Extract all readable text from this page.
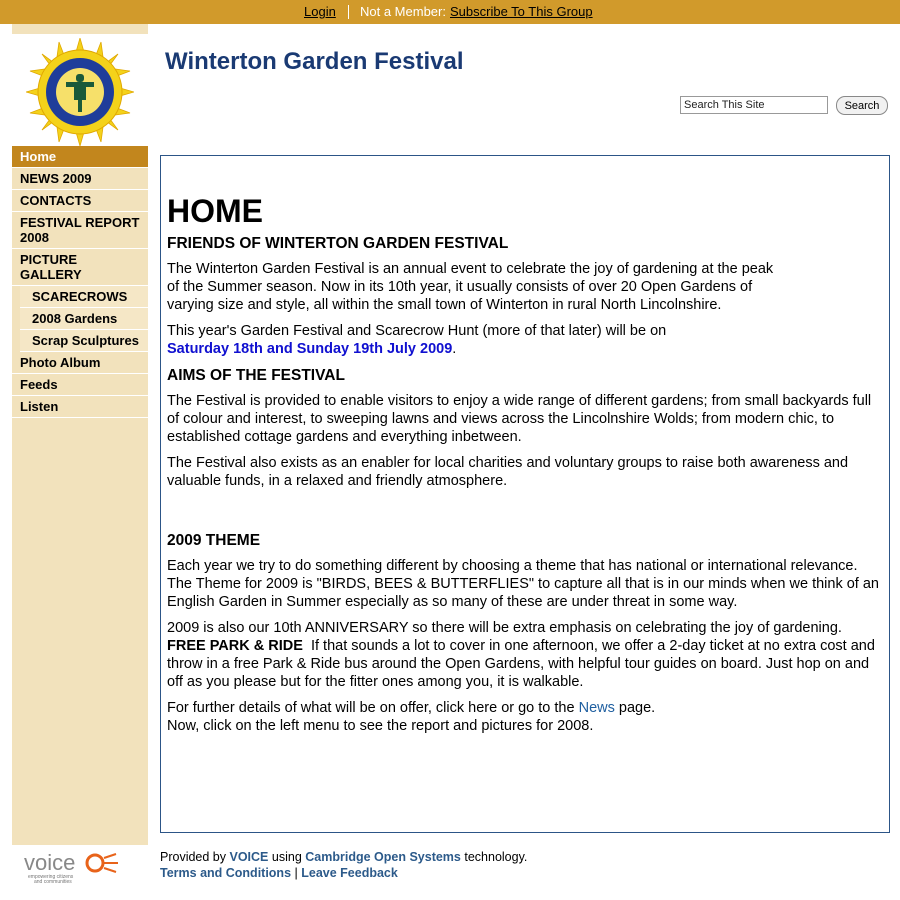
Login Not a Member: Subscribe To This Group
Home
NEWS 2009
CONTACTS
FESTIVAL REPORT 2008
PICTURE GALLERY
SCARECROWS
2008 Gardens
Scrap Sculptures
Photo Album
Feeds
Listen
Winterton Garden Festival
Search This Site
Search
HOME
FRIENDS OF WINTERTON GARDEN FESTIVAL

The Winterton Garden Festival is an annual event to celebrate the joy of gardening at the peak of the Summer season. Now in its 10th year, it usually consists of over 20 Open Gardens of varying size and style, all within the small town of Winterton in rural North Lincolnshire.

This year's Garden Festival and Scarecrow Hunt (more of that later) will be on
Saturday 18th and Sunday 19th July 2009.

AIMS OF THE FESTIVAL

The Festival is provided to enable visitors to enjoy a wide range of different gardens; from small backyards full of colour and interest, to sweeping lawns and views across the Lincolnshire Wolds; from modern chic, to established cottage gardens and everything inbetween.

The Festival also exists as an enabler for local charities and voluntary groups to raise both awareness and valuable funds, in a relaxed and friendly atmosphere.

2009 THEME

Each year we try to do something different by choosing a theme that has national or international relevance. The Theme for 2009 is "BIRDS, BEES & BUTTERFLIES" to capture all that is in our minds when we think of an English Garden in Summer especially as so many of these are under threat in some way.

2009 is also our 10th ANNIVERSARY so there will be extra emphasis on celebrating the joy of gardening.

FREE PARK & RIDE If that sounds a lot to cover in one afternoon, we offer a 2-day ticket at no extra cost and throw in a free Park & Ride bus around the Open Gardens, with helpful tour guides on board. Just hop on and off as you please but for the fitter ones among you, it is walkable.

For further details of what will be on offer, click here or go to the News page.
Now, click on the left menu to see the report and pictures for 2008.

voice
empowering citizens
and communities
Provided by VOICE using Cambridge Open Systems technology.
Terms and Conditions | Leave Feedback
